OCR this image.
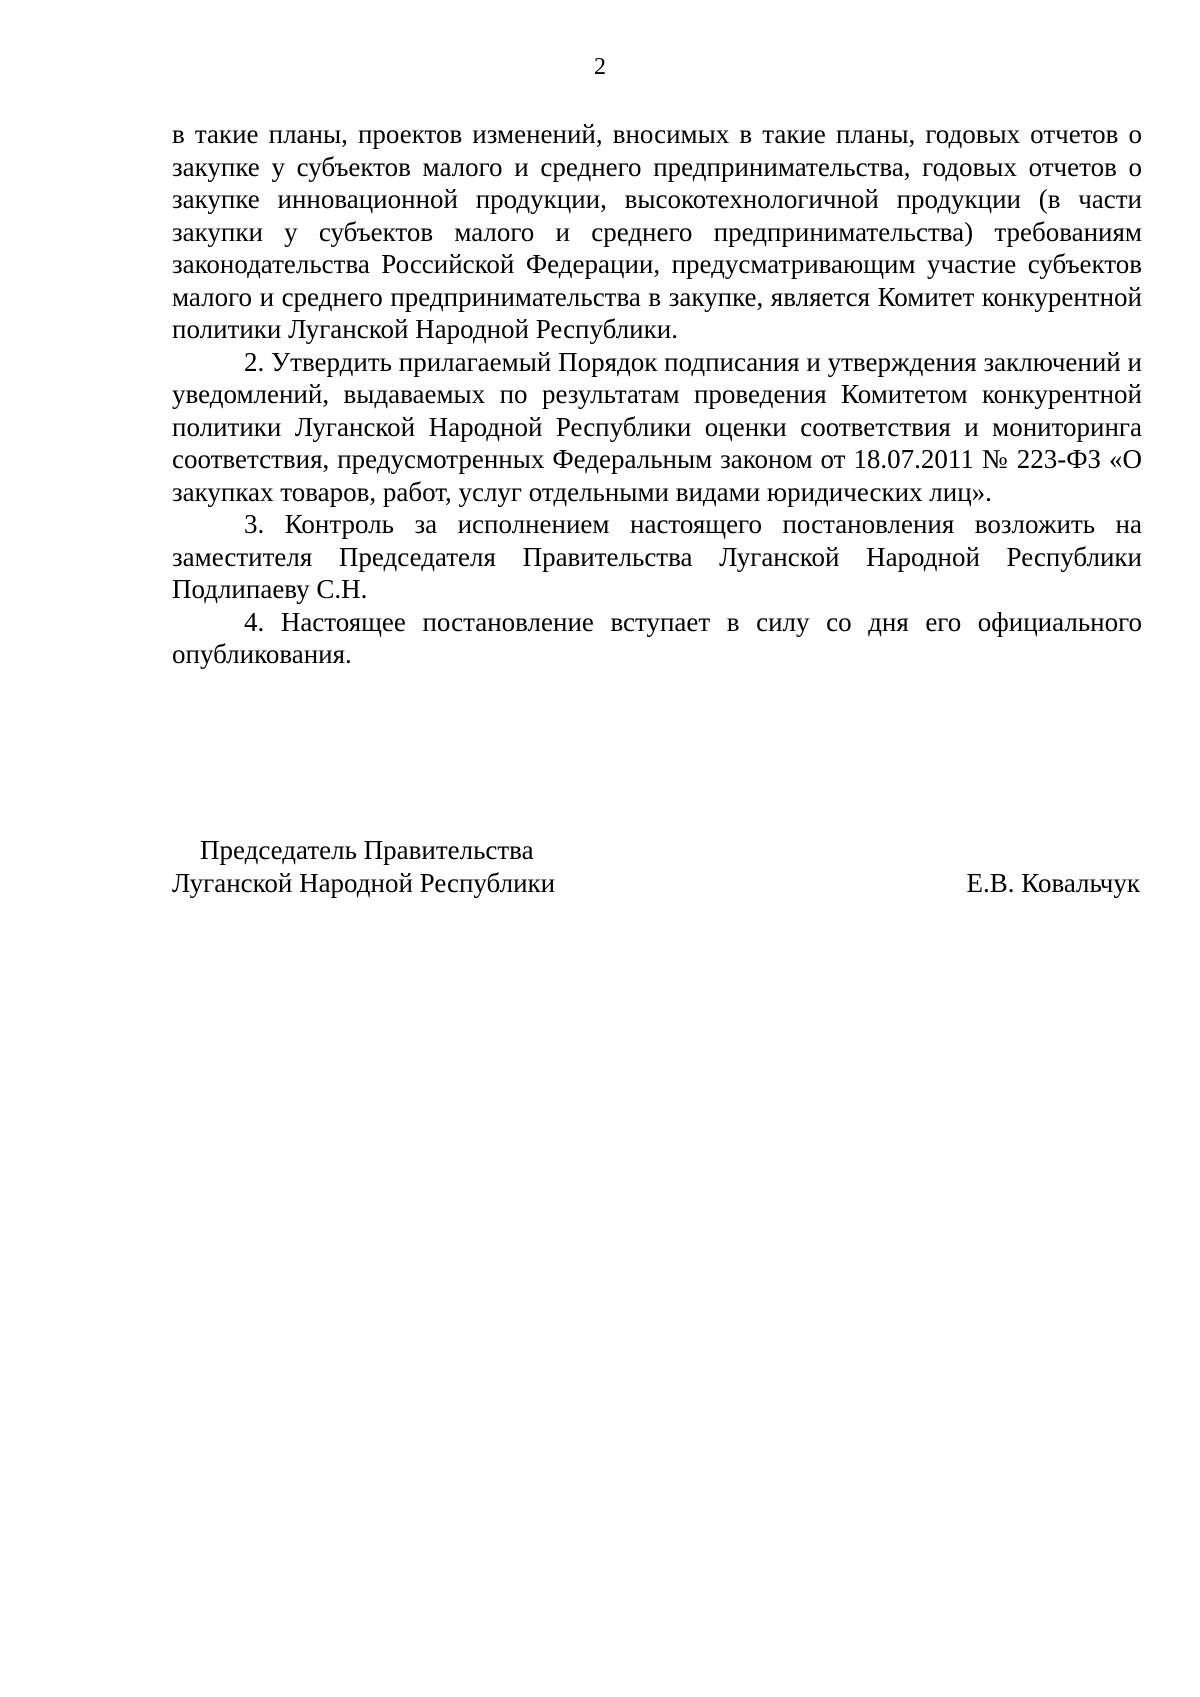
2

в такие планы, проектов изменений, вносимых в такие планы, годовых отчетов о закупке у субъектов малого и среднего предпринимательства, годовых отчетов о закупке инновационной продукции, высокотехнологичной продукции (в части закупки у субъектов малого и среднего предпринимательства) требованиям законодательства Российской Федерации, предусматривающим участие субъектов малого и среднего предпринимательства в закупке, является Комитет конкурентной политики Луганской Народной Республики.

2. Утвердить прилагаемый Порядок подписания и утверждения заключений и уведомлений, выдаваемых по результатам проведения Комитетом конкурентной политики Луганской Народной Республики оценки соответствия и мониторинга соответствия, предусмотренных Федеральным законом от 18.07.2011 № 223-ФЗ «О закупках товаров, работ, услуг отдельными видами юридических лиц».

3. Контроль за исполнением настоящего постановления возложить на заместителя Председателя Правительства Луганской Народной Республики Подлипаеву С.Н.

4. Настоящее постановление вступает в силу со дня его официального опубликования.

Председатель Правительства
Луганской Народной Республики	Е.В. Ковальчук
